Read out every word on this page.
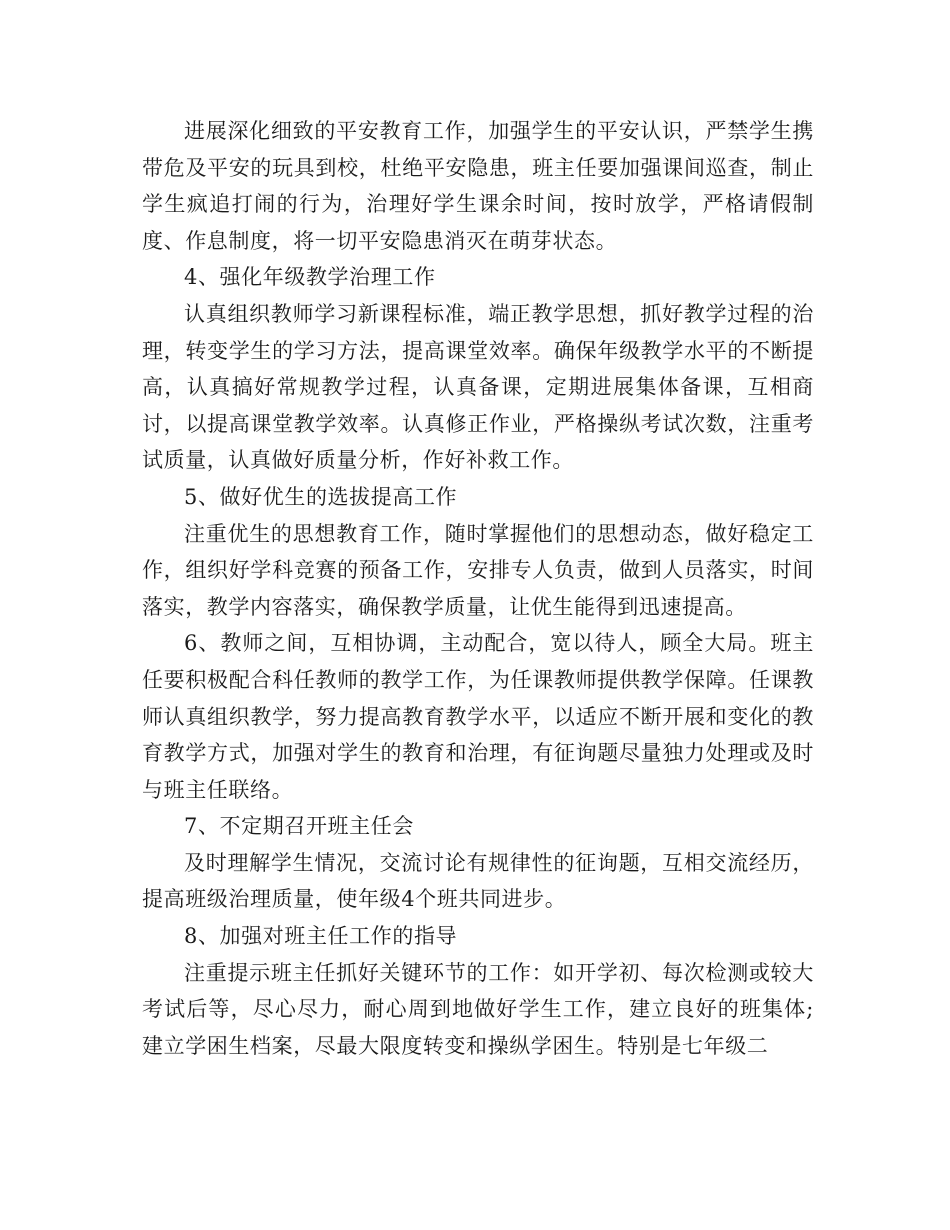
进展深化细致的平安教育工作，加强学生的平安认识，严禁学生携带危及平安的玩具到校，杜绝平安隐患，班主任要加强课间巡查，制止学生疯追打闹的行为，治理好学生课余时间，按时放学，严格请假制度、作息制度，将一切平安隐患消灭在萌芽状态。

4、强化年级教学治理工作

认真组织教师学习新课程标准，端正教学思想，抓好教学过程的治理，转变学生的学习方法，提高课堂效率。确保年级教学水平的不断提高，认真搞好常规教学过程，认真备课，定期进展集体备课，互相商讨，以提高课堂教学效率。认真修正作业，严格操纵考试次数，注重考试质量，认真做好质量分析，作好补救工作。

5、做好优生的选拔提高工作

注重优生的思想教育工作，随时掌握他们的思想动态，做好稳定工作，组织好学科竞赛的预备工作，安排专人负责，做到人员落实，时间落实，教学内容落实，确保教学质量，让优生能得到迅速提高。

6、教师之间，互相协调，主动配合，宽以待人，顾全大局。班主任要积极配合科任教师的教学工作，为任课教师提供教学保障。任课教师认真组织教学，努力提高教育教学水平，以适应不断开展和变化的教育教学方式，加强对学生的教育和治理，有征询题尽量独力处理或及时与班主任联络。

7、不定期召开班主任会

及时理解学生情况，交流讨论有规律性的征询题，互相交流经历，提高班级治理质量，使年级4个班共同进步。

8、加强对班主任工作的指导

注重提示班主任抓好关键环节的工作：如开学初、每次检测或较大考试后等，尽心尽力，耐心周到地做好学生工作，建立良好的班集体;建立学困生档案，尽最大限度转变和操纵学困生。特别是七年级二
